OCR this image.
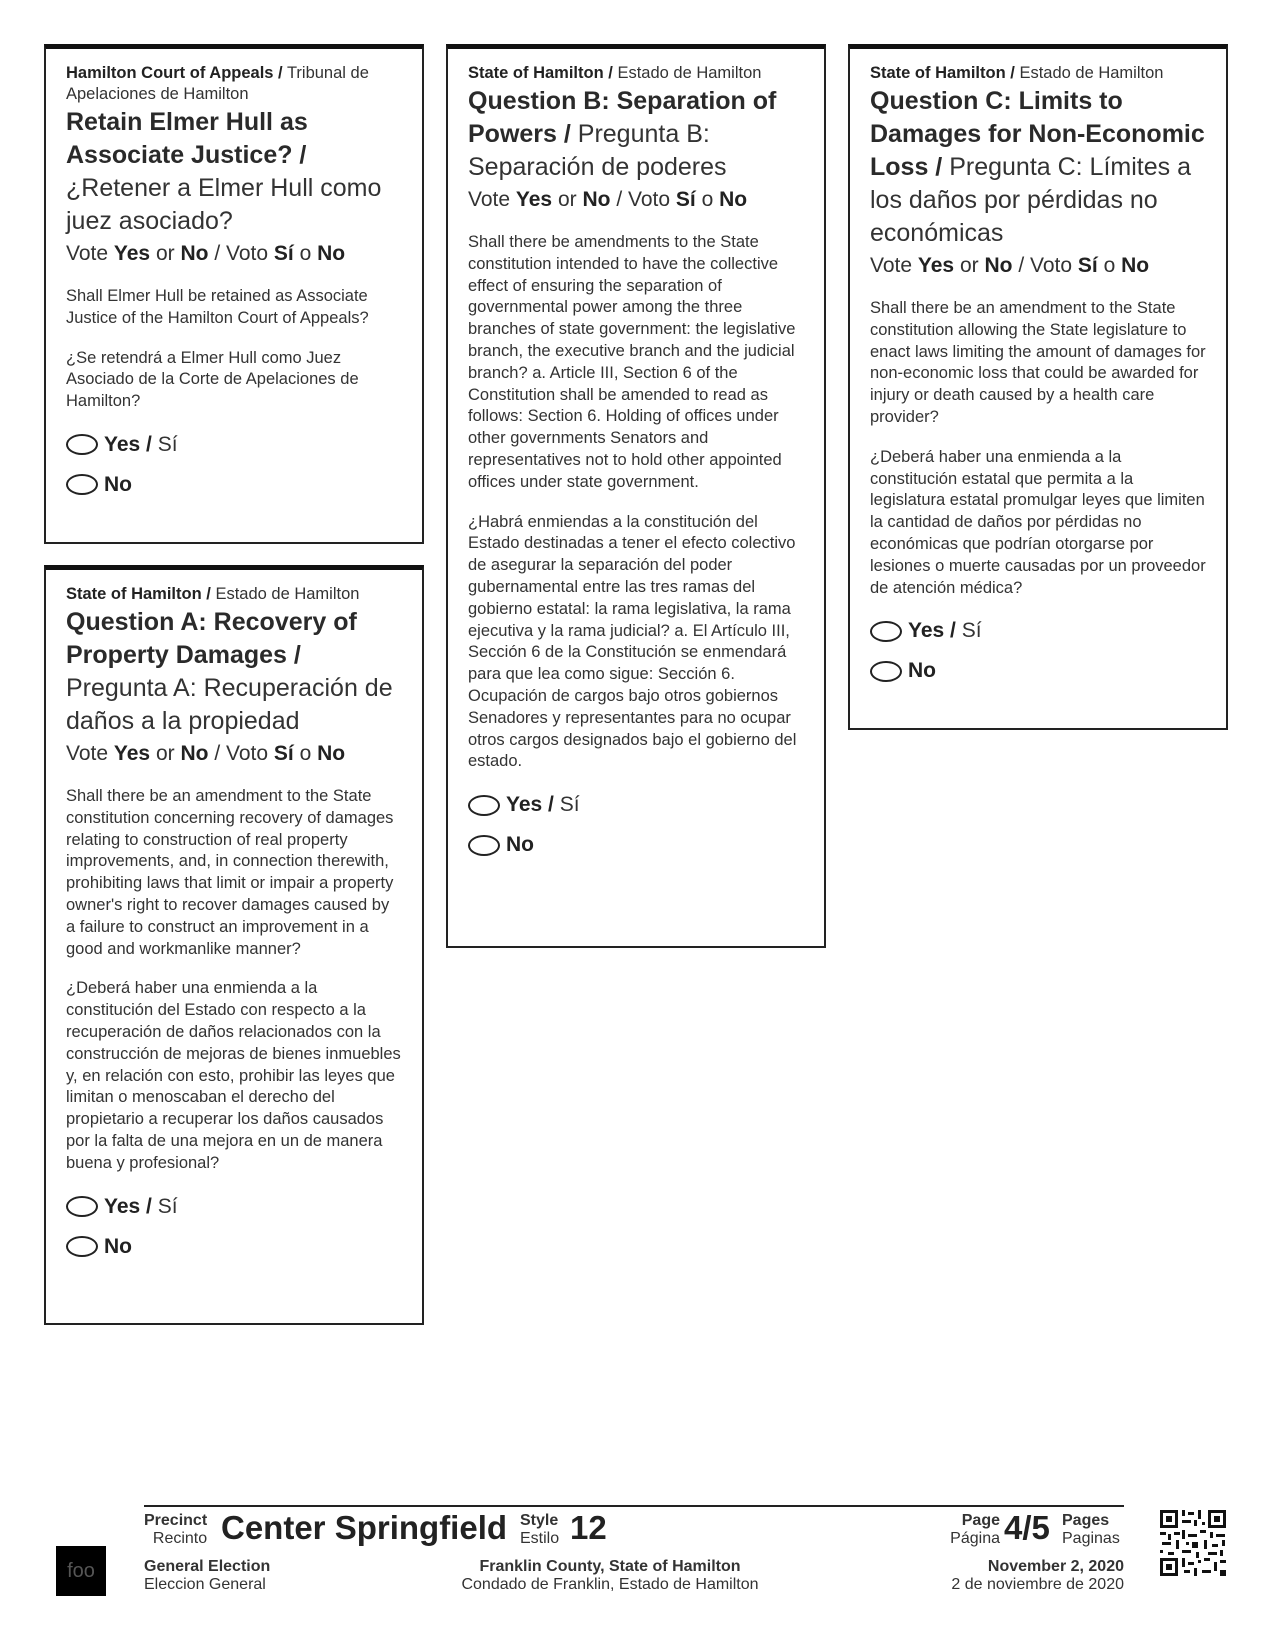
Hamilton Court of Appeals / Tribunal de Apelaciones de Hamilton
Retain Elmer Hull as Associate Justice? / ¿Retener a Elmer Hull como juez asociado?
Vote Yes or No / Voto Sí o No

Shall Elmer Hull be retained as Associate Justice of the Hamilton Court of Appeals?

¿Se retendrá a Elmer Hull como Juez Asociado de la Corte de Apelaciones de Hamilton?

Yes / Sí
No
State of Hamilton / Estado de Hamilton
Question A: Recovery of Property Damages / Pregunta A: Recuperación de daños a la propiedad
Vote Yes or No / Voto Sí o No

Shall there be an amendment to the State constitution concerning recovery of damages relating to construction of real property improvements, and, in connection therewith, prohibiting laws that limit or impair a property owner's right to recover damages caused by a failure to construct an improvement in a good and workmanlike manner?

¿Deberá haber una enmienda a la constitución del Estado con respecto a la recuperación de daños relacionados con la construcción de mejoras de bienes inmuebles y, en relación con esto, prohibir las leyes que limitan o menoscaban el derecho del propietario a recuperar los daños causados por la falta de una mejora en un de manera buena y profesional?

Yes / Sí
No
State of Hamilton / Estado de Hamilton
Question B: Separation of Powers / Pregunta B: Separación de poderes
Vote Yes or No / Voto Sí o No

Shall there be amendments to the State constitution intended to have the collective effect of ensuring the separation of governmental power among the three branches of state government: the legislative branch, the executive branch and the judicial branch? a. Article III, Section 6 of the Constitution shall be amended to read as follows: Section 6. Holding of offices under other governments Senators and representatives not to hold other appointed offices under state government.

¿Habrá enmiendas a la constitución del Estado destinadas a tener el efecto colectivo de asegurar la separación del poder gubernamental entre las tres ramas del gobierno estatal: la rama legislativa, la rama ejecutiva y la rama judicial? a. El Artículo III, Sección 6 de la Constitución se enmendará para que lea como sigue: Sección 6. Ocupación de cargos bajo otros gobiernos Senadores y representantes para no ocupar otros cargos designados bajo el gobierno del estado.

Yes / Sí
No
State of Hamilton / Estado de Hamilton
Question C: Limits to Damages for Non-Economic Loss / Pregunta C: Límites a los daños por pérdidas no económicas
Vote Yes or No / Voto Sí o No

Shall there be an amendment to the State constitution allowing the State legislature to enact laws limiting the amount of damages for non-economic loss that could be awarded for injury or death caused by a health care provider?

¿Deberá haber una enmienda a la constitución estatal que permita a la legislatura estatal promulgar leyes que limiten la cantidad de daños por pérdidas no económicas que podrían otorgarse por lesiones o muerte causadas por un proveedor de atención médica?

Yes / Sí
No
Precinct
Recinto Center Springfield Style
Estilo 12	Page
Página 4/5 Pages
Paginas
General Election
Eleccion General
Franklin County, State of Hamilton
Condado de Franklin, Estado de Hamilton
November 2, 2020
2 de noviembre de 2020
foo
